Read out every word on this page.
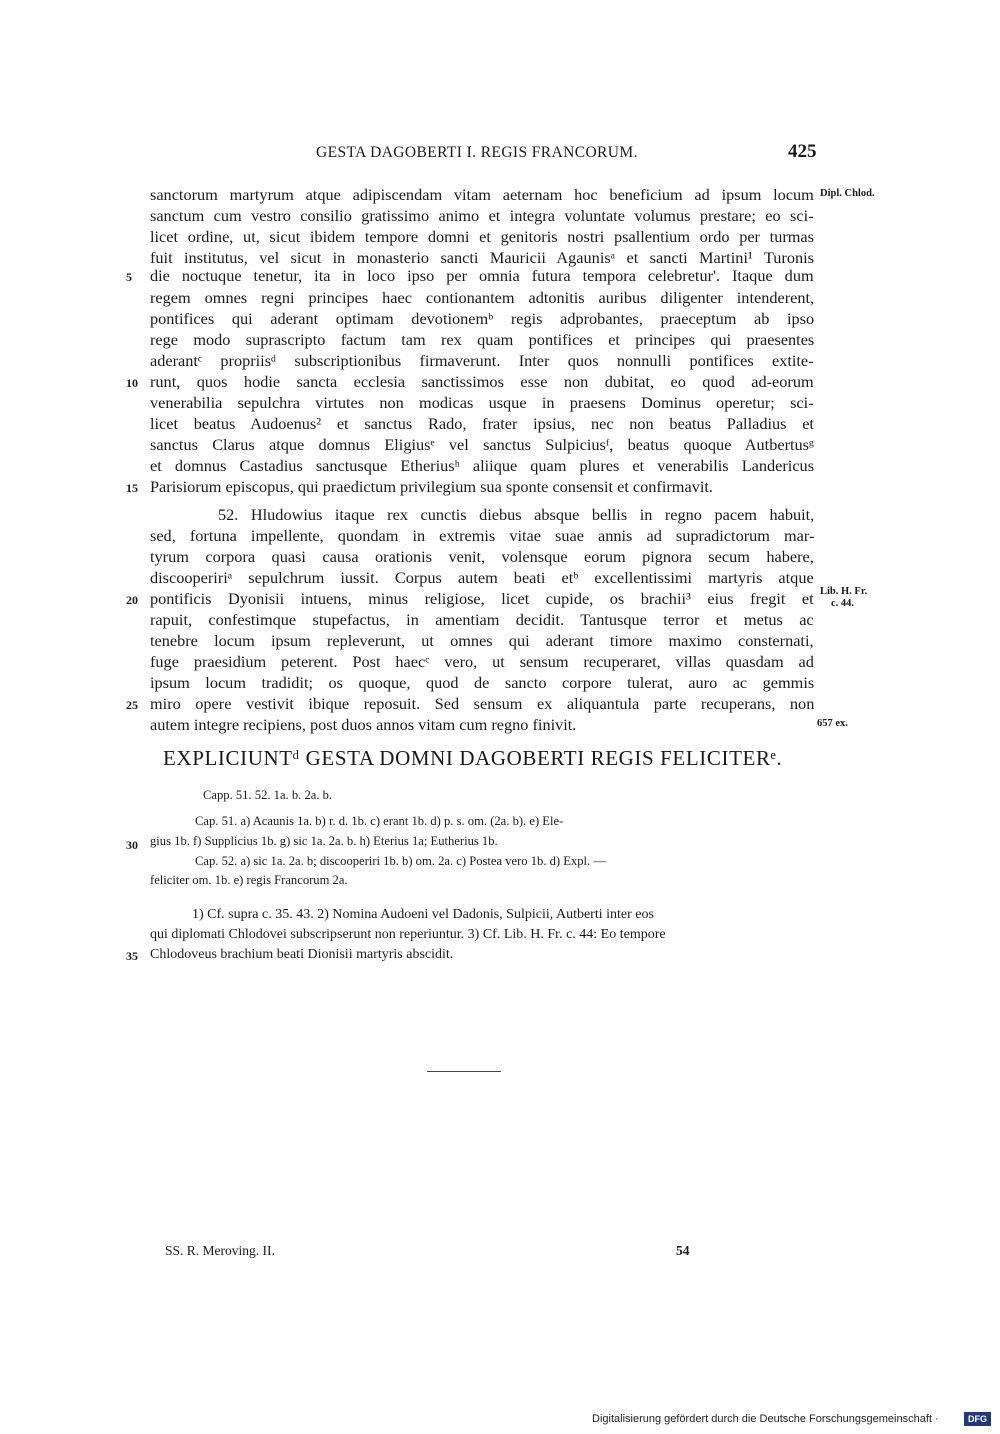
GESTA DAGOBERTI I. REGIS FRANCORUM.	425
sanctorum martyrum atque adipiscendam vitam aeternam hoc beneficium ad ipsum locum
sanctum cum vestro consilio gratissimo animo et integra voluntate volumus prestare; eo sci-
licet ordine, ut, sicut ibidem tempore domni et genitoris nostri psallentium ordo per turmas
fuit institutus, vel sicut in monasterio sancti Mauricii Agaunisᵃ et sancti Martini¹ Turonis
die noctuque tenetur, ita in loco ipso per omnia futura tempora celebretur'. Itaque dum
regem omnes regni principes haec contionantem adtonitis auribus diligenter intenderent,
pontifices qui aderant optimam devotionemᵇ regis adprobantes, praeceptum ab ipso
rege modo suprascripto factum tam rex quam pontifices et principes qui praesentes
aderantᶜ propriisᵈ subscriptionibus firmaverunt. Inter quos nonnulli pontifices extite-
runt, quos hodie sancta ecclesia sanctissimos esse non dubitat, eo quod ad-eorum
venerabilia sepulchra virtutes non modicas usque in praesens Dominus operetur; sci-
licet beatus Audoenus² et sanctus Rado, frater ipsius, nec non beatus Palladius et
sanctus Clarus atque domnus Eligiusᵉ vel sanctus Sulpiciusᶠ, beatus quoque Autbertusᵍ
et domnus Castadius sanctusque Etheriusʰ aliique quam plures et venerabilis Landericus
Parisiorum episcopus, qui praedictum privilegium sua sponte consensit et confirmavit.
52. Hludowius itaque rex cunctis diebus absque bellis in regno pacem habuit,
sed, fortuna impellente, quondam in extremis vitae suae annis ad supradictorum mar-
tyrum corpora quasi causa orationis venit, volensque eorum pignora secum habere,
discoopeririᵃ sepulchrum iussit. Corpus autem beati etᵇ excellentissimi martyris atque
pontificis Dyonisii intuens, minus religiose, licet cupide, os brachii³ eius fregit et
rapuit, confestimque stupefactus, in amentiam decidit. Tantusque terror et metus ac
tenebre locum ipsum repleverunt, ut omnes qui aderant timore maximo consternati,
fuge praesidium peterent. Post haecᶜ vero, ut sensum recuperaret, villas quasdam ad
ipsum locum tradidit; os quoque, quod de sancto corpore tulerat, auro ac gemmis
miro opere vestivit ibique reposuit. Sed sensum ex aliquantula parte recuperans, non
autem integre recipiens, post duos annos vitam cum regno finivit.
5
10
15
20
25
30
35
Dipl. Chlod.
Lib. H. Fr.
c. 44.
657 ex.
EXPLICIUNTᵈ GESTA DOMNI DAGOBERTI REGIS FELICITERᵉ.
Capp. 51. 52. 1a. b. 2a. b.
Cap. 51. a) Acaunis 1a. b) r. d. 1b. c) erant 1b. d) p. s. om. (2a. b). e) Ele-
gius 1b. f) Supplicius 1b. g) sic 1a. 2a. b. h) Eterius 1a; Eutherius 1b.
Cap. 52. a) sic 1a. 2a. b; discooperiri 1b. b) om. 2a. c) Postea vero 1b. d) Expl. —
feliciter om. 1b. e) regis Francorum 2a.
1) Cf. supra c. 35. 43. 2) Nomina Audoeni vel Dadonis, Sulpicii, Autberti inter eos
qui diplomati Chlodovei subscripserunt non reperiuntur. 3) Cf. Lib. H. Fr. c. 44: Eo tempore
Chlodoveus brachium beati Dionisii martyris abscidit.
SS. R. Meroving. II.	54
Digitalisierung gefördert durch die Deutsche Forschungsgemeinschaft ·	DFG
